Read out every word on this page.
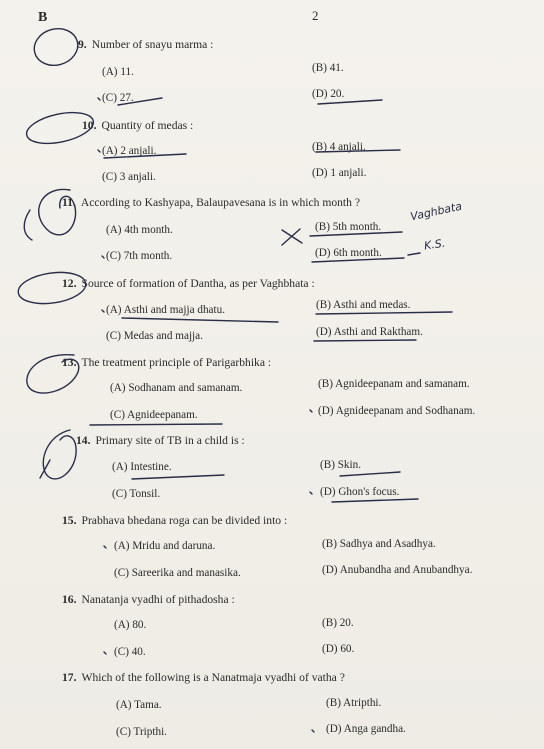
B	2
9. Number of snayu marma :
(A) 11.	(B) 41.
(C) 27.	(D) 20.
10. Quantity of medas :
(A) 2 anjali.	(B) 4 anjali.
(C) 3 anjali.	(D) 1 anjali.
11. According to Kashyapa, Balaupavesana is in which month ?
(A) 4th month.	(B) 5th month.
(C) 7th month.	(D) 6th month.
12. Source of formation of Dantha, as per Vaghbhata :
(A) Asthi and majja dhatu.	(B) Asthi and medas.
(C) Medas and majja.	(D) Asthi and Raktham.
13. The treatment principle of Parigarbhika :
(A) Sodhanam and samanam.	(B) Agnideepanam and samanam.
(C) Agnideepanam.	(D) Agnideepanam and Sodhanam.
14. Primary site of TB in a child is :
(A) Intestine.	(B) Skin.
(C) Tonsil.	(D) Ghon's focus.
15. Prabhava bhedana roga can be divided into :
(A) Mridu and daruna.	(B) Sadhya and Asadhya.
(C) Sareerika and manasika.	(D) Anubandha and Anubandhya.
16. Nanatanja vyadhi of pithadosha :
(A) 80.	(B) 20.
(C) 40.	(D) 60.
17. Which of the following is a Nanatmaja vyadhi of vatha ?
(A) Tama.	(B) Atripthi.
(C) Tripthi.	(D) Anga gandha.
Vaghbata
K.S.
